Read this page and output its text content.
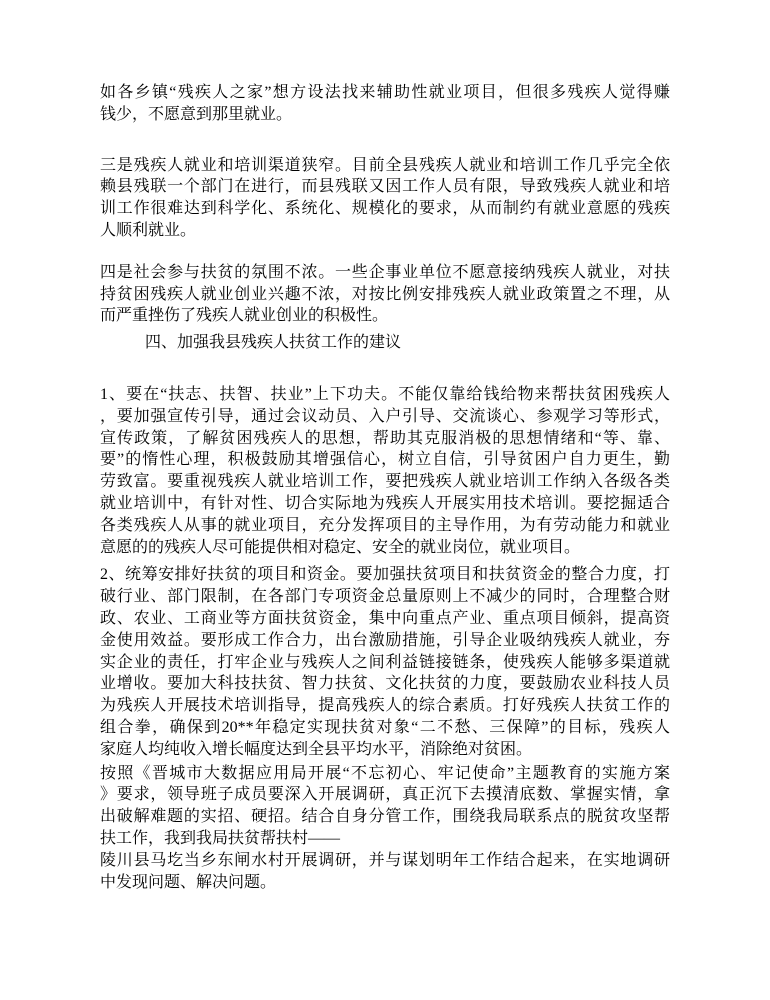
如各乡镇“残疾人之家”想方设法找来辅助性就业项目，但很多残疾人觉得赚
钱少，不愿意到那里就业。
三是残疾人就业和培训渠道狭窄。目前全县残疾人就业和培训工作几乎完全依
赖县残联一个部门在进行，而县残联又因工作人员有限，导致残疾人就业和培
训工作很难达到科学化、系统化、规模化的要求，从而制约有就业意愿的残疾
人顺利就业。
四是社会参与扶贫的氛围不浓。一些企事业单位不愿意接纳残疾人就业，对扶
持贫困残疾人就业创业兴趣不浓，对按比例安排残疾人就业政策置之不理，从
而严重挫伤了残疾人就业创业的积极性。
四、加强我县残疾人扶贫工作的建议
1、要在“扶志、扶智、扶业”上下功夫。不能仅靠给钱给物来帮扶贫困残疾人
，要加强宣传引导，通过会议动员、入户引导、交流谈心、参观学习等形式，
宣传政策，了解贫困残疾人的思想，帮助其克服消极的思想情绪和“等、靠、
要”的惰性心理，积极鼓励其增强信心，树立自信，引导贫困户自力更生，勤
劳致富。要重视残疾人就业培训工作，要把残疾人就业培训工作纳入各级各类
就业培训中，有针对性、切合实际地为残疾人开展实用技术培训。要挖掘适合
各类残疾人从事的就业项目，充分发挥项目的主导作用，为有劳动能力和就业
意愿的的残疾人尽可能提供相对稳定、安全的就业岗位，就业项目。
2、统筹安排好扶贫的项目和资金。要加强扶贫项目和扶贫资金的整合力度，打
破行业、部门限制，在各部门专项资金总量原则上不减少的同时，合理整合财
政、农业、工商业等方面扶贫资金，集中向重点产业、重点项目倾斜，提高资
金使用效益。要形成工作合力，出台激励措施，引导企业吸纳残疾人就业，夯
实企业的责任，打牢企业与残疾人之间利益链接链条，使残疾人能够多渠道就
业增收。要加大科技扶贫、智力扶贫、文化扶贫的力度，要鼓励农业科技人员
为残疾人开展技术培训指导，提高残疾人的综合素质。打好残疾人扶贫工作的
组合拳，确保到20**年稳定实现扶贫对象“二不愁、三保障”的目标，残疾人
家庭人均纯收入增长幅度达到全县平均水平，消除绝对贫困。
按照《晋城市大数据应用局开展“不忘初心、牢记使命”主题教育的实施方案
》要求，领导班子成员要深入开展调研，真正沉下去摸清底数、掌握实情，拿
出破解难题的实招、硬招。结合自身分管工作，围绕我局联系点的脱贫攻坚帮
扶工作，我到我局扶贫帮扶村——
陵川县马圪当乡东闸水村开展调研，并与谋划明年工作结合起来，在实地调研
中发现问题、解决问题。
